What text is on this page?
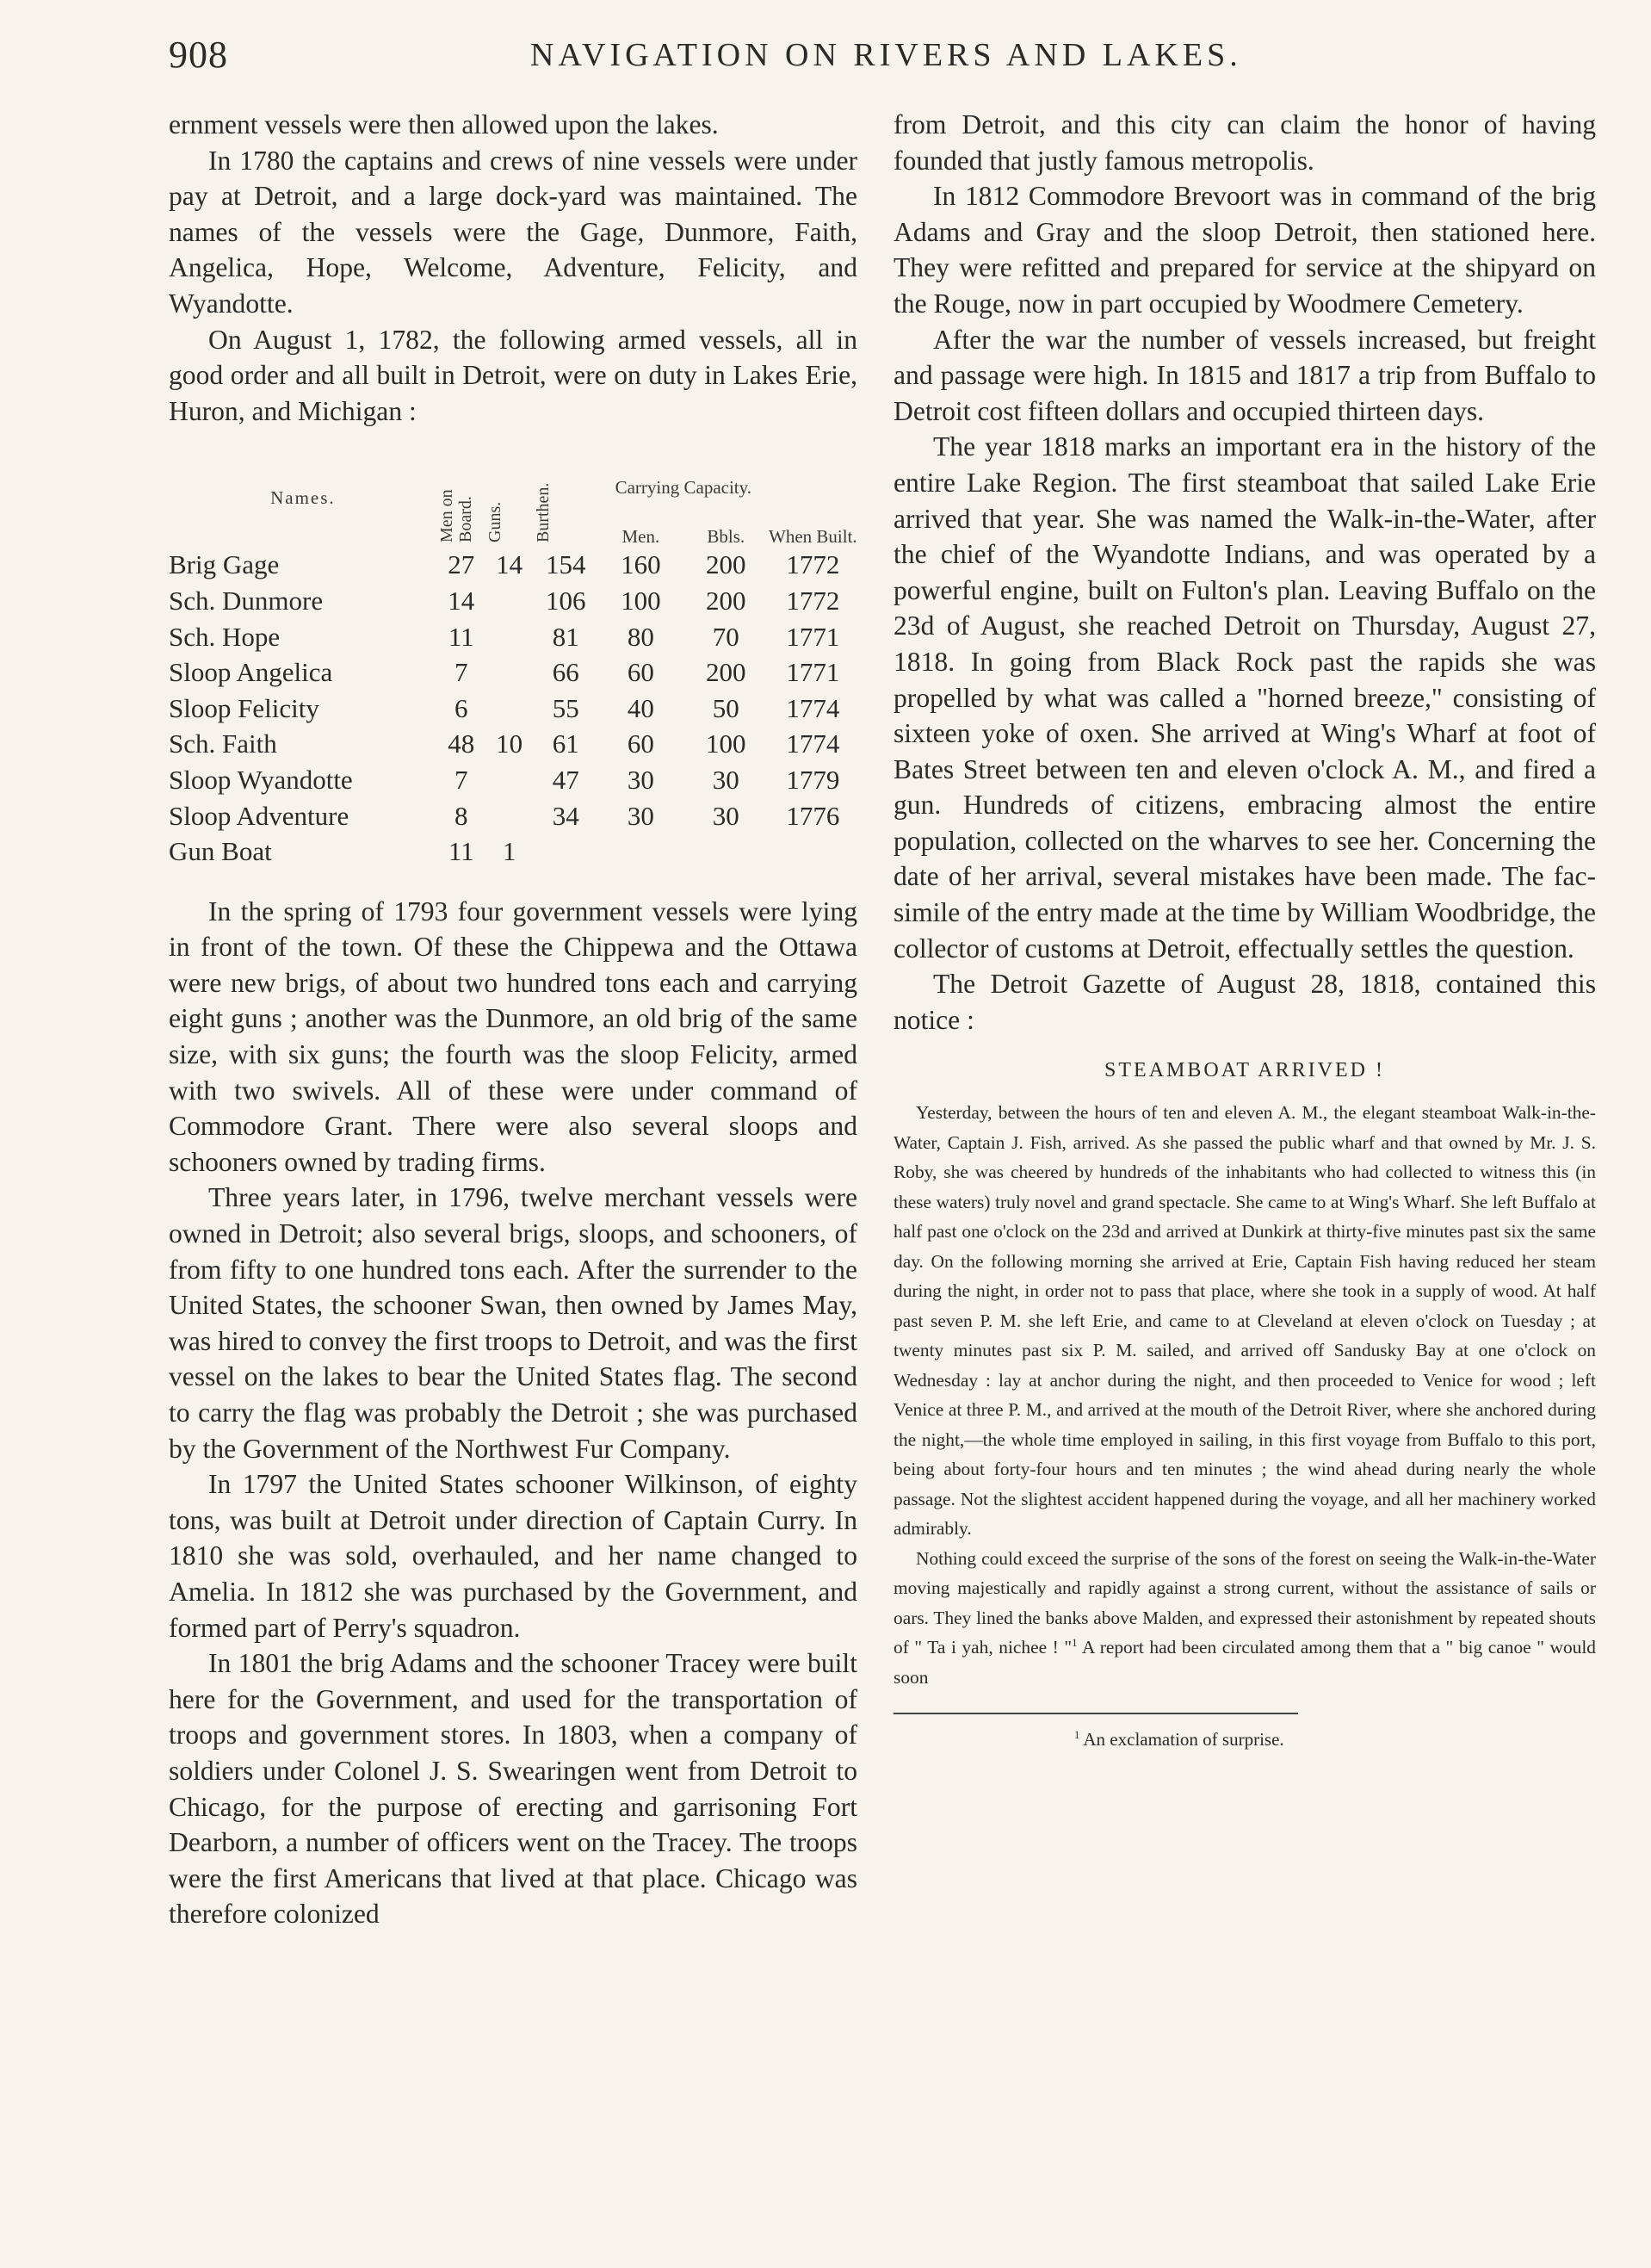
908	NAVIGATION ON RIVERS AND LAKES.

ernment vessels were then allowed upon the lakes.

In 1780 the captains and crews of nine vessels were under pay at Detroit, and a large dock-yard was maintained. The names of the vessels were the Gage, Dunmore, Faith, Angelica, Hope, Welcome, Adventure, Felicity, and Wyandotte.

On August 1, 1782, the following armed vessels, all in good order and all built in Detroit, were on duty in Lakes Erie, Huron, and Michigan :

Names.	Men on Board.	Guns.	Burthen.	Carrying Capacity.		When Built.
				Men.	Bbls.	
Brig Gage	27	14	154	160	200	1772
Sch. Dunmore	14		106	100	200	1772
Sch. Hope	11		81	80	70	1771
Sloop Angelica	7		66	60	200	1771
Sloop Felicity	6		55	40	50	1774
Sch. Faith	48	10	61	60	100	1774
Sloop Wyandotte	7		47	30	30	1779
Sloop Adventure	8		34	30	30	1776
Gun Boat	11	1				

In the spring of 1793 four government vessels were lying in front of the town. Of these the Chippewa and the Ottawa were new brigs, of about two hundred tons each and carrying eight guns ; another was the Dunmore, an old brig of the same size, with six guns; the fourth was the sloop Felicity, armed with two swivels. All of these were under command of Commodore Grant. There were also several sloops and schooners owned by trading firms.

Three years later, in 1796, twelve merchant vessels were owned in Detroit; also several brigs, sloops, and schooners, of from fifty to one hundred tons each. After the surrender to the United States, the schooner Swan, then owned by James May, was hired to convey the first troops to Detroit, and was the first vessel on the lakes to bear the United States flag. The second to carry the flag was probably the Detroit ; she was purchased by the Government of the Northwest Fur Company.

In 1797 the United States schooner Wilkinson, of eighty tons, was built at Detroit under direction of Captain Curry. In 1810 she was sold, overhauled, and her name changed to Amelia. In 1812 she was purchased by the Government, and formed part of Perry's squadron.

In 1801 the brig Adams and the schooner Tracey were built here for the Government, and used for the transportation of troops and government stores. In 1803, when a company of soldiers under Colonel J. S. Swearingen went from Detroit to Chicago, for the purpose of erecting and garrisoning Fort Dearborn, a number of officers went on the Tracey. The troops were the first Americans that lived at that place. Chicago was therefore colonized

from Detroit, and this city can claim the honor of having founded that justly famous metropolis.

In 1812 Commodore Brevoort was in command of the brig Adams and Gray and the sloop Detroit, then stationed here. They were refitted and prepared for service at the shipyard on the Rouge, now in part occupied by Woodmere Cemetery.

After the war the number of vessels increased, but freight and passage were high. In 1815 and 1817 a trip from Buffalo to Detroit cost fifteen dollars and occupied thirteen days.

The year 1818 marks an important era in the history of the entire Lake Region. The first steamboat that sailed Lake Erie arrived that year. She was named the Walk-in-the-Water, after the chief of the Wyandotte Indians, and was operated by a powerful engine, built on Fulton's plan. Leaving Buffalo on the 23d of August, she reached Detroit on Thursday, August 27, 1818. In going from Black Rock past the rapids she was propelled by what was called a "horned breeze," consisting of sixteen yoke of oxen. She arrived at Wing's Wharf at foot of Bates Street between ten and eleven o'clock A. M., and fired a gun. Hundreds of citizens, embracing almost the entire population, collected on the wharves to see her. Concerning the date of her arrival, several mistakes have been made. The fac-simile of the entry made at the time by William Woodbridge, the collector of customs at Detroit, effectually settles the question.

The Detroit Gazette of August 28, 1818, contained this notice :

STEAMBOAT ARRIVED !

Yesterday, between the hours of ten and eleven A. M., the elegant steamboat Walk-in-the-Water, Captain J. Fish, arrived. As she passed the public wharf and that owned by Mr. J. S. Roby, she was cheered by hundreds of the inhabitants who had collected to witness this (in these waters) truly novel and grand spectacle. She came to at Wing's Wharf. She left Buffalo at half past one o'clock on the 23d and arrived at Dunkirk at thirty-five minutes past six the same day. On the following morning she arrived at Erie, Captain Fish having reduced her steam during the night, in order not to pass that place, where she took in a supply of wood. At half past seven P. M. she left Erie, and came to at Cleveland at eleven o'clock on Tuesday ; at twenty minutes past six P. M. sailed, and arrived off Sandusky Bay at one o'clock on Wednesday : lay at anchor during the night, and then proceeded to Venice for wood ; left Venice at three P. M., and arrived at the mouth of the Detroit River, where she anchored during the night,—the whole time employed in sailing, in this first voyage from Buffalo to this port, being about forty-four hours and ten minutes ; the wind ahead during nearly the whole passage. Not the slightest accident happened during the voyage, and all her machinery worked admirably.

Nothing could exceed the surprise of the sons of the forest on seeing the Walk-in-the-Water moving majestically and rapidly against a strong current, without the assistance of sails or oars. They lined the banks above Malden, and expressed their astonishment by repeated shouts of " Ta i yah, nichee ! "$^1$ A report had been circulated among them that a " big canoe " would soon

$^1$ An exclamation of surprise.
